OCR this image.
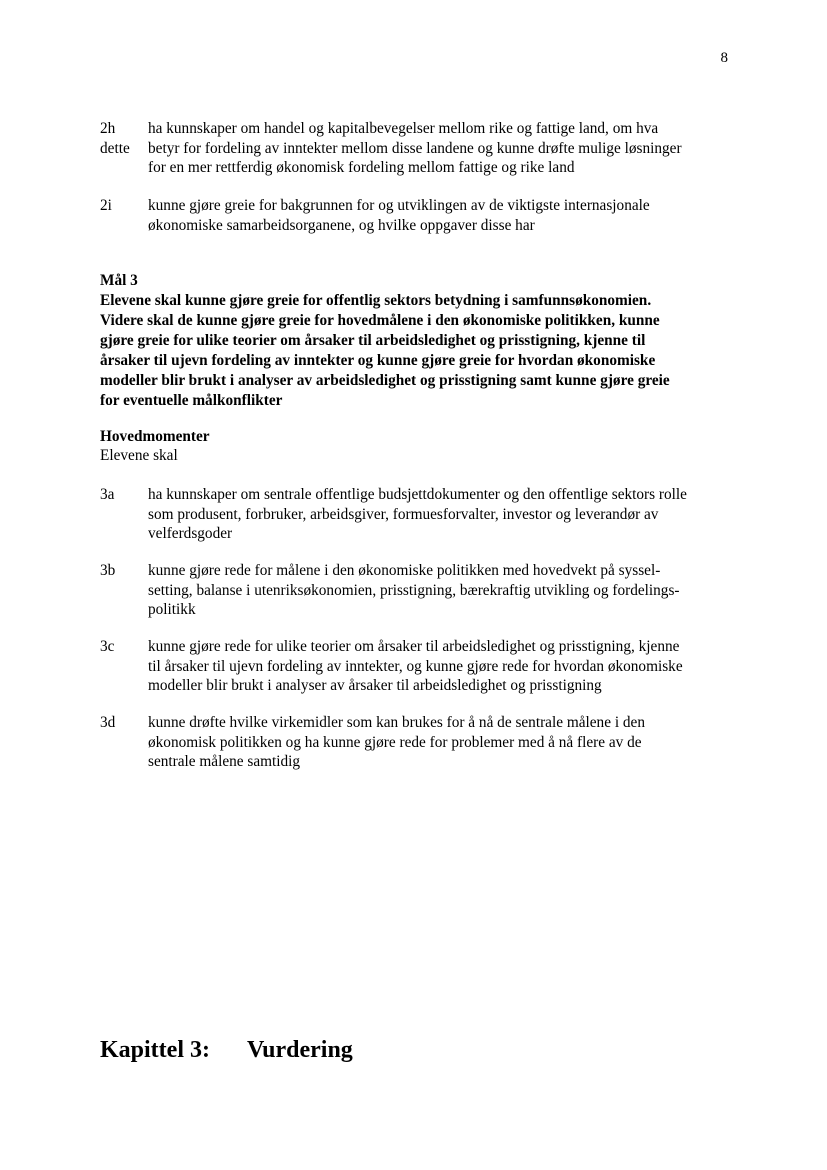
8
2h
dette
ha kunnskaper om handel og kapitalbevegelser mellom rike og fattige land, om hva
betyr for fordeling av inntekter mellom disse landene og kunne drøfte mulige løsninger
for en mer rettferdig økonomisk fordeling mellom fattige og rike land
2i kunne gjøre greie for bakgrunnen for og utviklingen av de viktigste internasjonale
økonomiske samarbeidsorganene, og hvilke oppgaver disse har
Mål 3
Elevene skal kunne gjøre greie for offentlig sektors betydning i samfunnsøkonomien.
Videre skal de kunne gjøre greie for hovedmålene i den økonomiske politikken, kunne
gjøre greie for ulike teorier om årsaker til arbeidsledighet og prisstigning, kjenne til
årsaker til ujevn fordeling av inntekter og kunne gjøre greie for hvordan økonomiske
modeller blir brukt i analyser av arbeidsledighet og prisstigning samt kunne gjøre greie
for eventuelle målkonflikter
Hovedmomenter
Elevene skal
3a ha kunnskaper om sentrale offentlige budsjettdokumenter og den offentlige sektors rolle
som produsent, forbruker, arbeidsgiver, formuesforvalter, investor og leverandør av
velferdsgoder
3b kunne gjøre rede for målene i den økonomiske politikken med hovedvekt på syssel-
setting, balanse i utenriksøkonomien, prisstigning, bærekraftig utvikling og fordelings-
politikk
3c kunne gjøre rede for ulike teorier om årsaker til arbeidsledighet og prisstigning, kjenne
til årsaker til ujevn fordeling av inntekter, og kunne gjøre rede for hvordan økonomiske
modeller blir brukt i analyser av årsaker til arbeidsledighet og prisstigning
3d kunne drøfte hvilke virkemidler som kan brukes for å nå de sentrale målene i den
økonomisk politikken og ha kunne gjøre rede for problemer med å nå flere av de
sentrale målene samtidig
Kapittel 3: Vurdering
